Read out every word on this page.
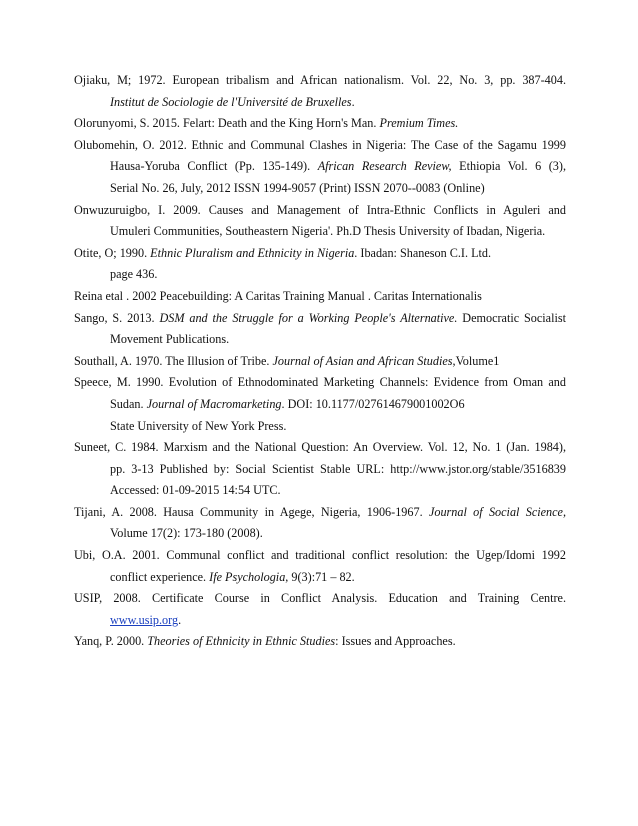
Ojiaku, M; 1972. European tribalism and African nationalism. Vol. 22, No. 3, pp. 387-404.
Institut de Sociologie de l'Université de Bruxelles.

Olorunyomi, S. 2015. Felart: Death and the King Horn's Man. Premium Times.

Olubomehin, O. 2012. Ethnic and Communal Clashes in Nigeria: The Case of the Sagamu 1999
Hausa-Yoruba Conflict (Pp. 135-149). African Research Review, Ethiopia Vol. 6 (3),
Serial No. 26, July, 2012 ISSN 1994-9057 (Print) ISSN 2070--0083 (Online)

Onwuzuruigbo, I. 2009. Causes and Management of Intra-Ethnic Conflicts in Aguleri and
Umuleri Communities, Southeastern Nigeria'. Ph.D Thesis University of Ibadan, Nigeria.

Otite, O; 1990. Ethnic Pluralism and Ethnicity in Nigeria. Ibadan: Shaneson C.I. Ltd.
page 436.

Reina etal . 2002 Peacebuilding: A Caritas Training Manual . Caritas Internationalis

Sango, S. 2013. DSM and the Struggle for a Working People's Alternative. Democratic Socialist
Movement Publications.

Southall, A. 1970. The Illusion of Tribe. Journal of Asian and African Studies,Volume1

Speece, M. 1990. Evolution of Ethnodominated Marketing Channels: Evidence from Oman and
Sudan. Journal of Macromarketing. DOI: 10.1177/027614679001002O6
State University of New York Press.

Suneet, C. 1984. Marxism and the National Question: An Overview. Vol. 12, No. 1 (Jan. 1984),
pp. 3-13 Published by: Social Scientist Stable URL: http://www.jstor.org/stable/3516839
Accessed: 01-09-2015 14:54 UTC.

Tijani, A. 2008. Hausa Community in Agege, Nigeria, 1906-1967. Journal of Social Science,
Volume 17(2): 173-180 (2008).

Ubi, O.A. 2001. Communal conflict and traditional conflict resolution: the Ugep/Idomi 1992
conflict experience. Ife Psychologia, 9(3):71 – 82.

USIP, 2008. Certificate Course in Conflict Analysis. Education and Training Centre.
www.usip.org.

Yanq, P. 2000. Theories of Ethnicity in Ethnic Studies: Issues and Approaches.
